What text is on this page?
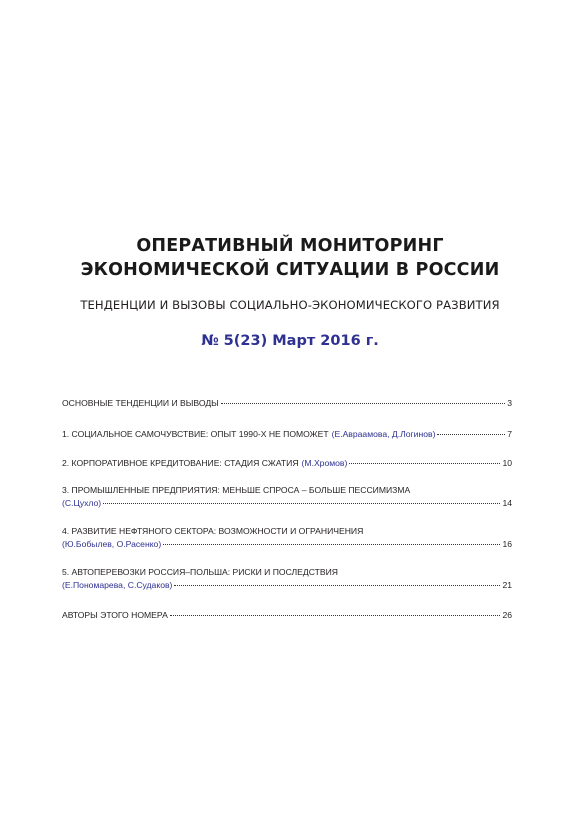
ОПЕРАТИВНЫЙ МОНИТОРИНГ
ЭКОНОМИЧЕСКОЙ СИТУАЦИИ В РОССИИ
ТЕНДЕНЦИИ И ВЫЗОВЫ СОЦИАЛЬНО-ЭКОНОМИЧЕСКОГО РАЗВИТИЯ
№ 5(23) Март 2016 г.
ОСНОВНЫЕ ТЕНДЕНЦИИ И ВЫВОДЫ	3
1. СОЦИАЛЬНОЕ САМОЧУВСТВИЕ: ОПЫТ 1990-Х НЕ ПОМОЖЕТ (Е.Авраамова, Д.Логинов)	7
2. КОРПОРАТИВНОЕ КРЕДИТОВАНИЕ: СТАДИЯ СЖАТИЯ (М.Хромов)	10
3. ПРОМЫШЛЕННЫЕ ПРЕДПРИЯТИЯ: МЕНЬШЕ СПРОСА – БОЛЬШЕ ПЕССИМИЗМА
(С.Цухло)	14
4. РАЗВИТИЕ НЕФТЯНОГО СЕКТОРА: ВОЗМОЖНОСТИ И ОГРАНИЧЕНИЯ
(Ю.Бобылев, О.Расенко)	16
5. АВТОПЕРЕВОЗКИ РОССИЯ–ПОЛЬША: РИСКИ И ПОСЛЕДСТВИЯ
(Е.Пономарева, С.Судаков)	21
АВТОРЫ ЭТОГО НОМЕРА	26
